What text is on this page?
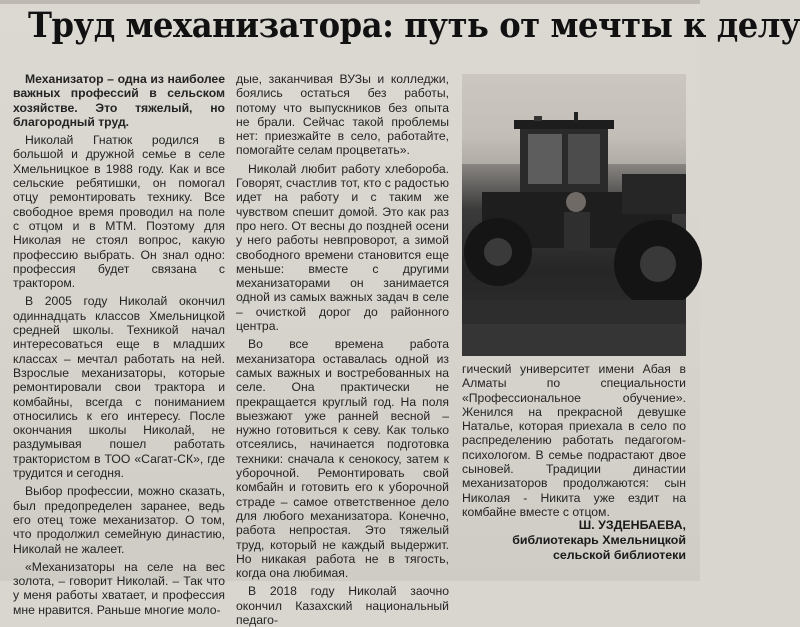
Труд механизатора: путь от мечты к делу

Механизатор – одна из наиболее важных профессий в сельском хозяйстве. Это тяжелый, но благородный труд.

Николай Гнатюк родился в большой и дружной семье в селе Хмельницкое в 1988 году. Как и все сельские ребятишки, он помогал отцу ремонтировать технику. Все свободное время проводил на поле с отцом и в МТМ. Поэтому для Николая не стоял вопрос, какую профессию выбрать. Он знал одно: профессия будет связана с трактором.

В 2005 году Николай окончил одиннадцать классов Хмельницкой средней школы. Техникой начал интересоваться еще в младших классах – мечтал работать на ней. Взрослые механизаторы, которые ремонтировали свои трактора и комбайны, всегда с пониманием относились к его интересу. После окончания школы Николай, не раздумывая пошел работать трактористом в ТОО «Сагат-СК», где трудится и сегодня.

Выбор профессии, можно сказать, был предопределен заранее, ведь его отец тоже механизатор. О том, что продолжил семейную династию, Николай не жалеет.

«Механизаторы на селе на вес золота, – говорит Николай. – Так что у меня работы хватает, и профессия мне нравится. Раньше многие моло-

дые, заканчивая ВУЗы и колледжи, боялись остаться без работы, потому что выпускников без опыта не брали. Сейчас такой проблемы нет: приезжайте в село, работайте, помогайте селам процветать».

Николай любит работу хлебороба. Говорят, счастлив тот, кто с радостью идет на работу и с таким же чувством спешит домой. Это как раз про него. От весны до поздней осени у него работы невпроворот, а зимой свободного времени становится еще меньше: вместе с другими механизаторами он занимается одной из самых важных задач в селе – очисткой дорог до районного центра.

Во все времена работа механизатора оставалась одной из самых важных и востребованных на селе. Она практически не прекращается круглый год. На поля выезжают уже ранней весной – нужно готовиться к севу. Как только отсеялись, начинается подготовка техники: сначала к сенокосу, затем к уборочной. Ремонтировать свой комбайн и готовить его к уборочной страде – самое ответственное дело для любого механизатора. Конечно, работа непростая. Это тяжелый труд, который не каждый выдержит. Но никакая работа не в тягость, когда она любимая.

В 2018 году Николай заочно окончил Казахский национальный педаго-

гический университет имени Абая в Алматы по специальности «Профессиональное обучение». Женился на прекрасной девушке Наталье, которая приехала в село по распределению работать педагогом-психологом. В семье подрастают двое сыновей. Традиции династии механизаторов продолжаются: сын Николая - Никита уже ездит на комбайне вместе с отцом.

Ш. УЗДЕНБАЕВА,
библиотекарь Хмельницкой
сельской библиотеки
